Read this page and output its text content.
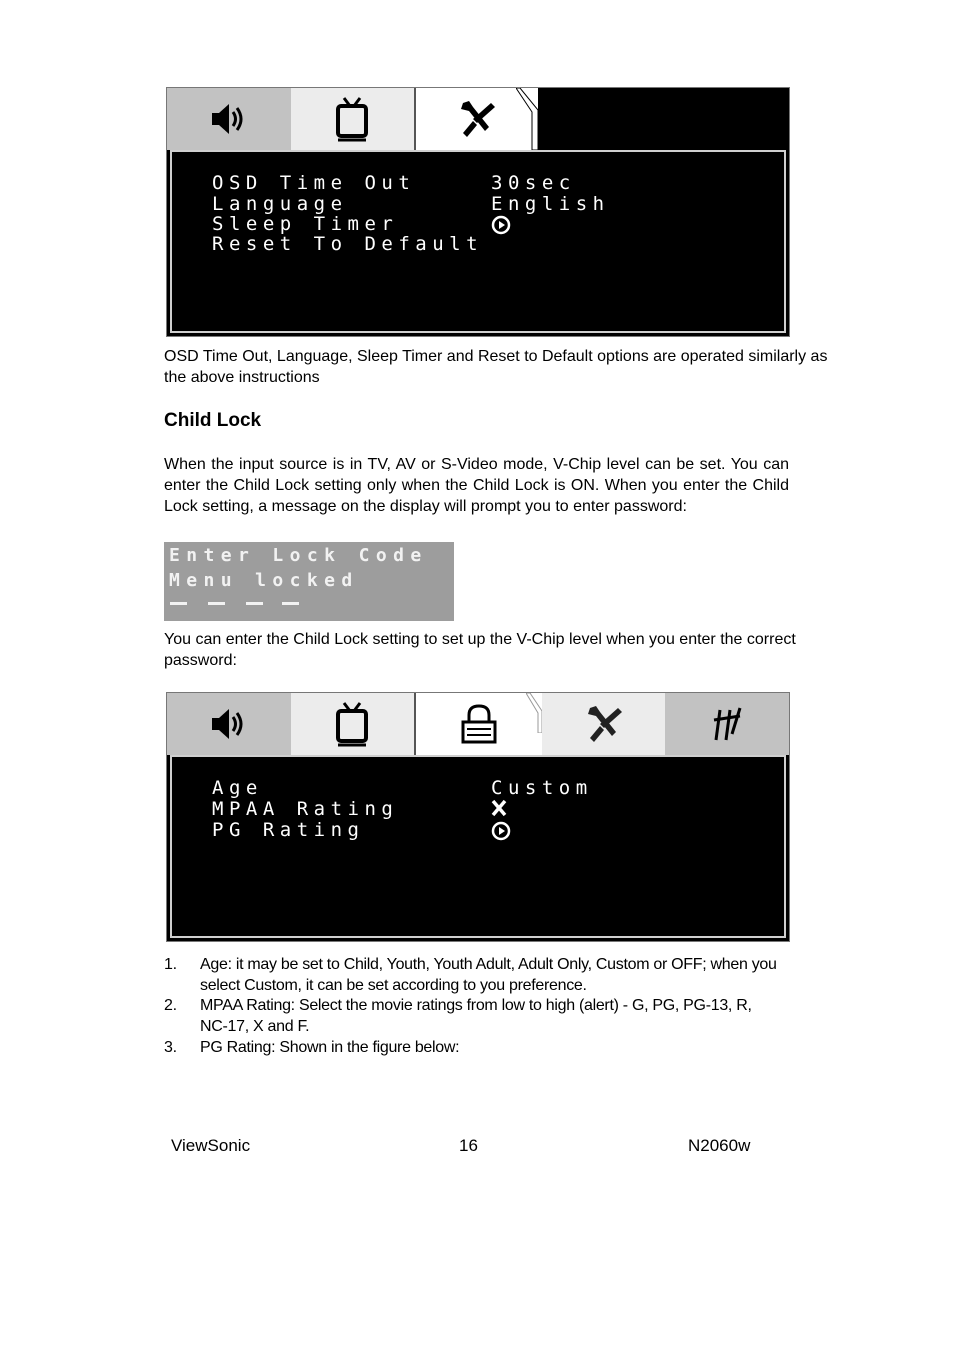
OSD Time Out	30sec
Language	English
Sleep Timer
Reset To Default
OSD Time Out, Language, Sleep Timer and Reset to Default options are operated similarly as the above instructions
Child Lock
When the input source is in TV, AV or S-Video mode, V-Chip level can be set. You can enter the Child Lock setting only when the Child Lock is ON. When you enter the Child Lock setting, a message on the display will prompt you to enter password:
Enter Lock Code
Menu locked
You can enter the Child Lock setting to set up the V-Chip level when you enter the correct password:
Age	Custom
MPAA Rating
PG Rating
1. Age: it may be set to Child, Youth, Youth Adult, Adult Only, Custom or OFF; when you select Custom, it can be set according to you preference.
2. MPAA Rating: Select the movie ratings from low to high (alert) - G, PG, PG-13, R, NC-17, X and F.
3. PG Rating: Shown in the figure below:
ViewSonic	16	N2060w
